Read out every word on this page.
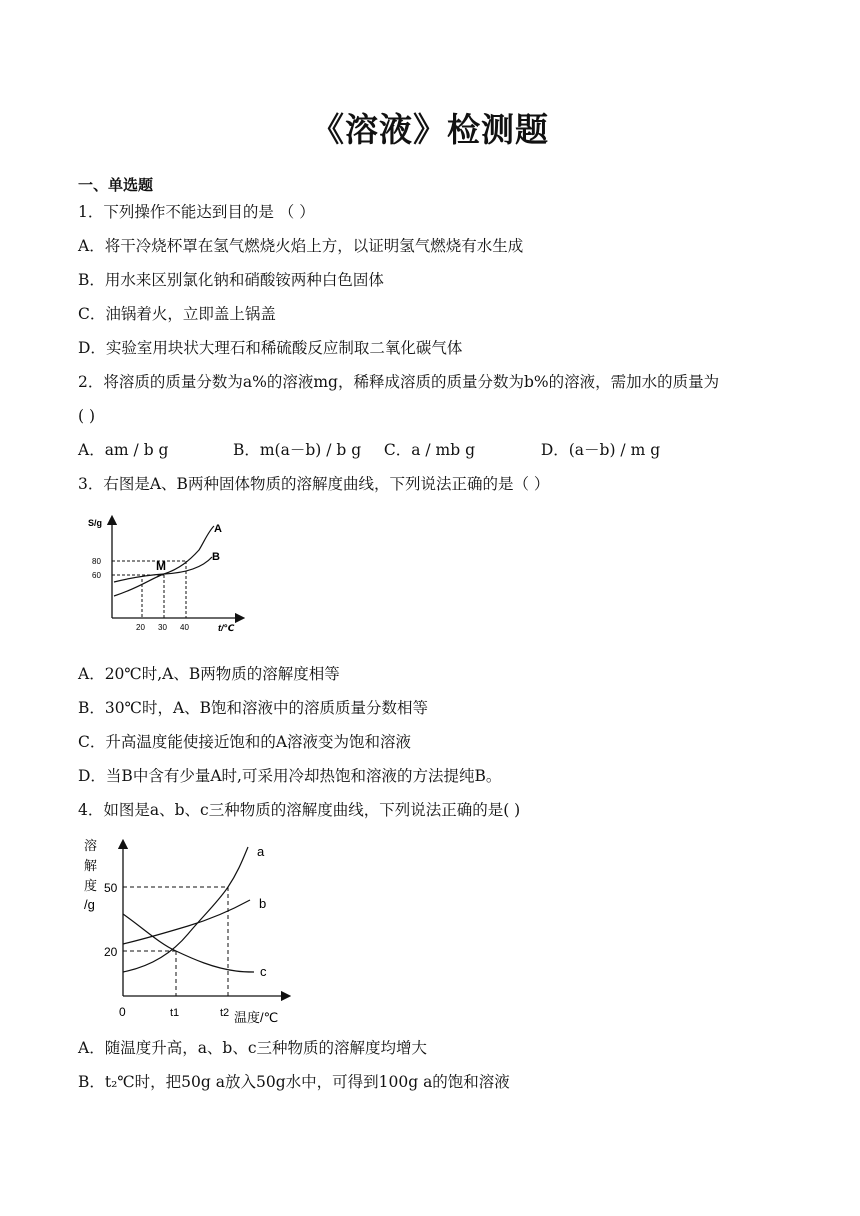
《溶液》检测题
一、单选题
1．下列操作不能达到目的是 （ ）
A．将干冷烧杯罩在氢气燃烧火焰上方，以证明氢气燃烧有水生成
B．用水来区别氯化钠和硝酸铵两种白色固体
C．油锅着火，立即盖上锅盖
D．实验室用块状大理石和稀硫酸反应制取二氧化碳气体
2．将溶质的质量分数为a%的溶液mg，稀释成溶质的质量分数为b%的溶液，需加水的质量为
( )
A．am / b g	B．m(a－b) / b g C．a / mb g	D．(a－b) / m g
3．右图是A、B两种固体物质的溶解度曲线，下列说法正确的是（ ）
S/g
t/℃
80
60
20 30 40
M
A
B
A．20℃时,A、B两物质的溶解度相等
B．30℃时，A、B饱和溶液中的溶质质量分数相等
C．升高温度能使接近饱和的A溶液变为饱和溶液
D．当B中含有少量A时,可采用冷却热饱和溶液的方法提纯B。
4．如图是a、b、c三种物质的溶解度曲线，下列说法正确的是( )
溶
解
度
/g
50
20
0	t1	t2 温度/℃
a
b
c
A．随温度升高，a、b、c三种物质的溶解度均增大
B．t₂℃时，把50g a放入50g水中，可得到100g a的饱和溶液
